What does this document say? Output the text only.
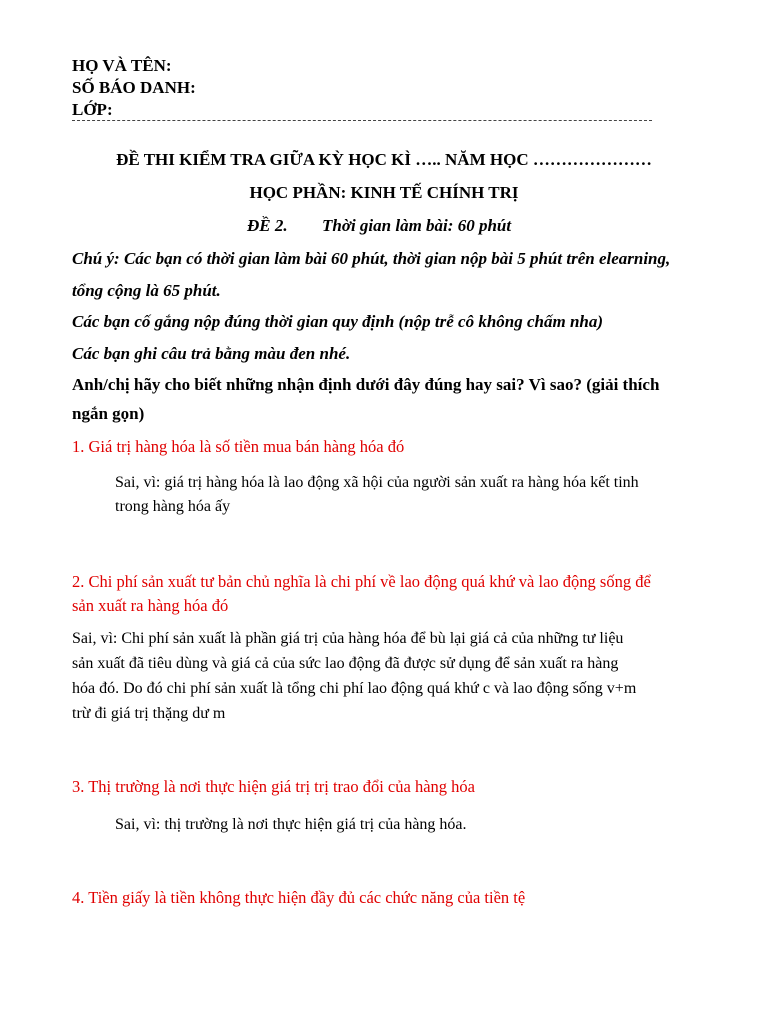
HỌ VÀ TÊN:
SỐ BÁO DANH:
LỚP:
ĐỀ THI KIỂM TRA GIỮA KỲ HỌC KÌ ….. NĂM HỌC …………………
HỌC PHẦN: KINH TẾ CHÍNH TRỊ
ĐỀ 2. Thời gian làm bài: 60 phút
Chú ý: Các bạn có thời gian làm bài 60 phút, thời gian nộp bài 5 phút trên elearning,
tổng cộng là 65 phút.
Các bạn cố gắng nộp đúng thời gian quy định (nộp trễ cô không chấm nha)
Các bạn ghi câu trả bằng màu đen nhé.
Anh/chị hãy cho biết những nhận định dưới đây đúng hay sai? Vì sao? (giải thích
ngắn gọn)
1. Giá trị hàng hóa là số tiền mua bán hàng hóa đó
Sai, vì: giá trị hàng hóa là lao động xã hội của người sản xuất ra hàng hóa kết tinh
trong hàng hóa ấy
2. Chi phí sản xuất tư bản chủ nghĩa là chi phí về lao động quá khứ và lao động sống để
sản xuất ra hàng hóa đó
Sai, vì: Chi phí sản xuất là phần giá trị của hàng hóa để bù lại giá cả của những tư liệu
sản xuất đã tiêu dùng và giá cả của sức lao động đã được sử dụng để sản xuất ra hàng
hóa đó. Do đó chi phí sản xuất là tổng chi phí lao động quá khứ c và lao động sống v+m
trừ đi giá trị thặng dư m
3. Thị trường là nơi thực hiện giá trị trị trao đổi của hàng hóa
Sai, vì: thị trường là nơi thực hiện giá trị của hàng hóa.
4. Tiền giấy là tiền không thực hiện đầy đủ các chức năng của tiền tệ
